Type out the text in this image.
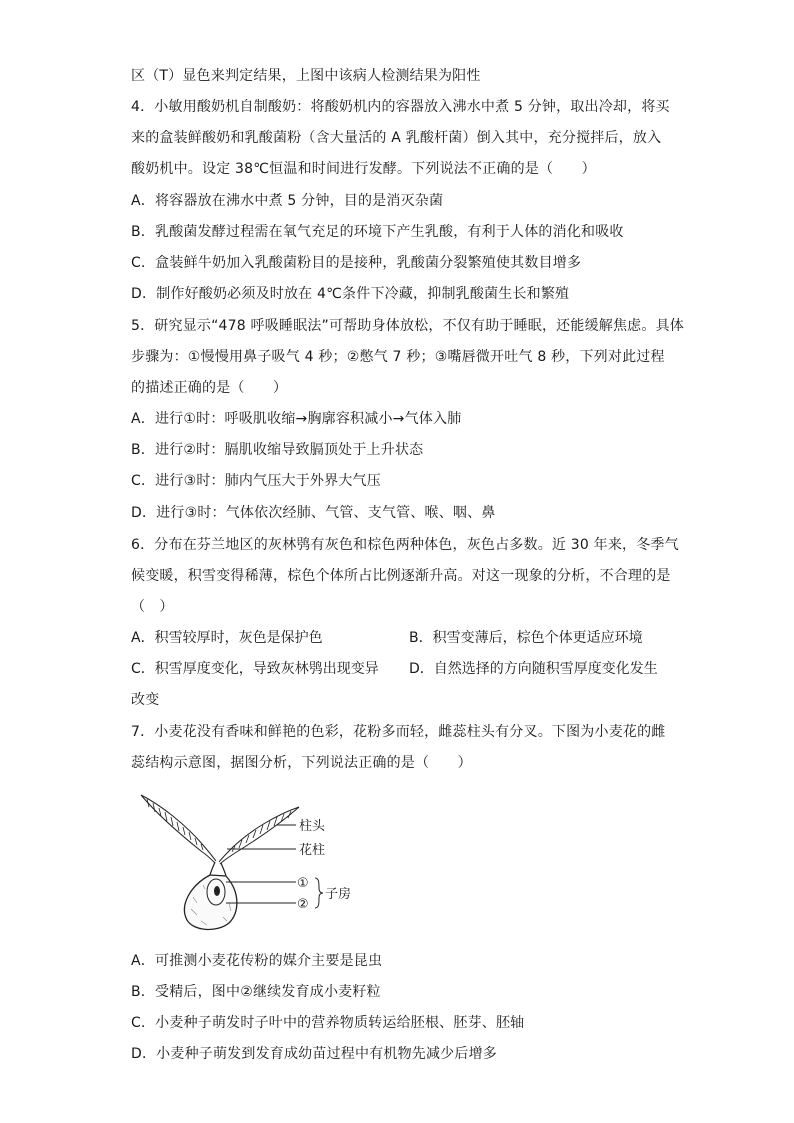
区（T）显色来判定结果，上图中该病人检测结果为阳性
4．小敏用酸奶机自制酸奶：将酸奶机内的容器放入沸水中煮 5 分钟，取出冷却，将买
来的盒装鲜酸奶和乳酸菌粉（含大量活的 A 乳酸杆菌）倒入其中，充分搅拌后，放入
酸奶机中。设定 38℃恒温和时间进行发酵。下列说法不正确的是（　　）
A．将容器放在沸水中煮 5 分钟，目的是消灭杂菌
B．乳酸菌发酵过程需在氧气充足的环境下产生乳酸，有利于人体的消化和吸收
C．盒装鲜牛奶加入乳酸菌粉目的是接种，乳酸菌分裂繁殖使其数目增多
D．制作好酸奶必须及时放在 4℃条件下冷藏，抑制乳酸菌生长和繁殖
5．研究显示“478 呼吸睡眠法”可帮助身体放松，不仅有助于睡眠，还能缓解焦虑。具体
步骤为：①慢慢用鼻子吸气 4 秒；②憋气 7 秒；③嘴唇微开吐气 8 秒，下列对此过程
的描述正确的是（　　）
A．进行①时：呼吸肌收缩→胸廓容积减小→气体入肺
B．进行②时：膈肌收缩导致膈顶处于上升状态
C．进行③时：肺内气压大于外界大气压
D．进行③时：气体依次经肺、气管、支气管、喉、咽、鼻
6．分布在芬兰地区的灰林鸮有灰色和棕色两种体色，灰色占多数。近 30 年来，冬季气
候变暖，积雪变得稀薄，棕色个体所占比例逐渐升高。对这一现象的分析，不合理的是
（　）
A．积雪较厚时，灰色是保护色	B．积雪变薄后，棕色个体更适应环境
C．积雪厚度变化，导致灰林鸮出现变异 D．自然选择的方向随积雪厚度变化发生
改变
7．小麦花没有香味和鲜艳的色彩，花粉多而轻，雌蕊柱头有分叉。下图为小麦花的雌
蕊结构示意图，据图分析，下列说法正确的是（　　）
柱头
花柱
①
②
子房
A．可推测小麦花传粉的媒介主要是昆虫
B．受精后，图中②继续发育成小麦籽粒
C．小麦种子萌发时子叶中的营养物质转运给胚根、胚芽、胚轴
D．小麦种子萌发到发育成幼苗过程中有机物先减少后增多
